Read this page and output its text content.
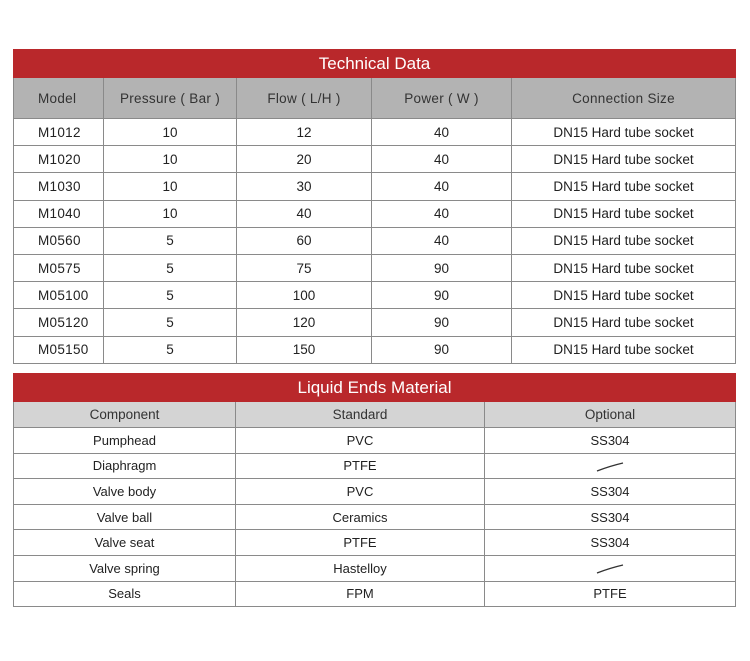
Technical Data				
Model	Pressure ( Bar )	Flow ( L/H )	Power ( W )	Connection Size
M1012	10	12	40	DN15 Hard tube socket
M1020	10	20	40	DN15 Hard tube socket
M1030	10	30	40	DN15 Hard tube socket
M1040	10	40	40	DN15 Hard tube socket
M0560	5	60	40	DN15 Hard tube socket
M0575	5	75	90	DN15 Hard tube socket
M05100	5	100	90	DN15 Hard tube socket
M05120	5	120	90	DN15 Hard tube socket
M05150	5	150	90	DN15 Hard tube socket
Liquid Ends Material		
Component	Standard	Optional
Pumphead	PVC	SS304
Diaphragm	PTFE	
Valve body	PVC	SS304
Valve ball	Ceramics	SS304
Valve seat	PTFE	SS304
Valve spring	Hastelloy	
Seals	FPM	PTFE
